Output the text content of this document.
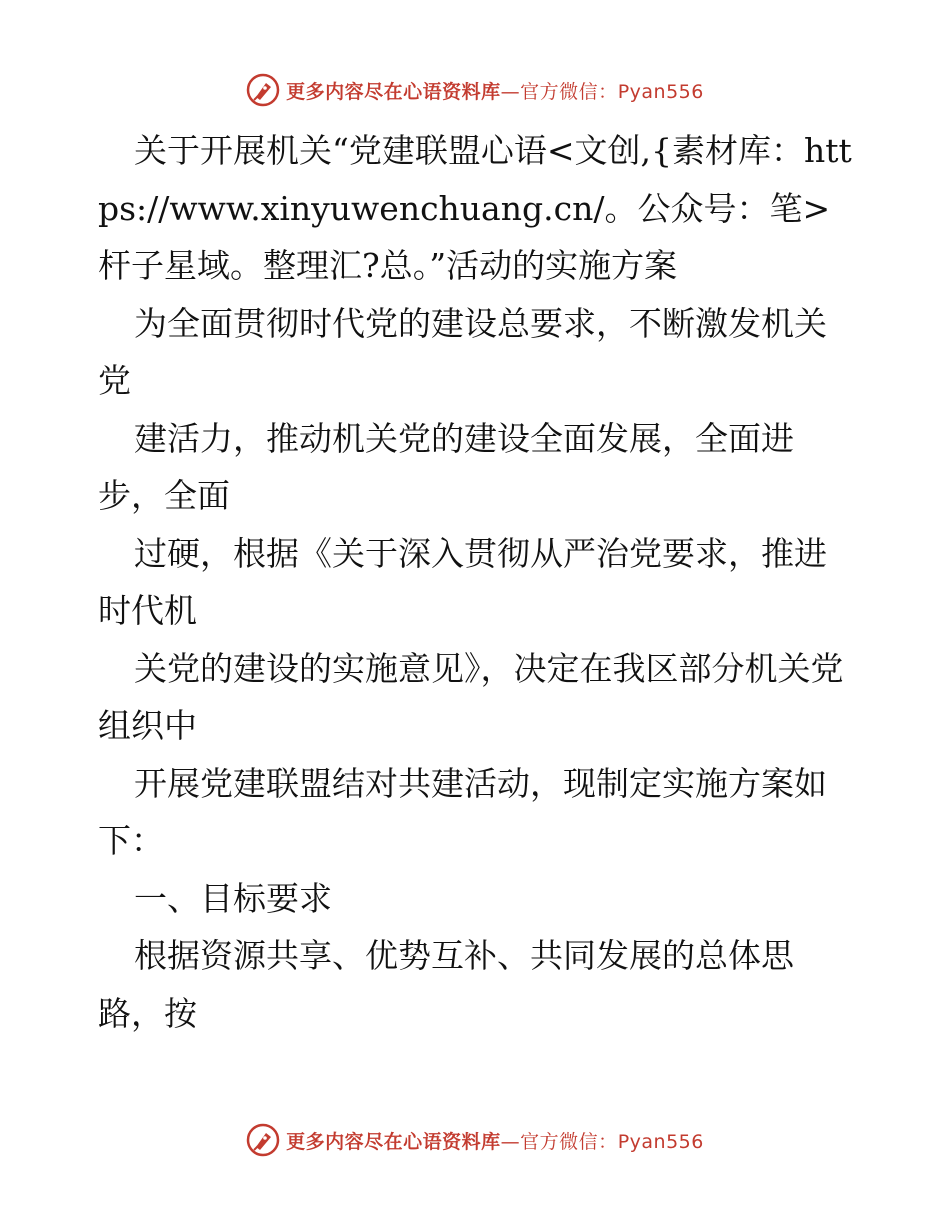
更多内容尽在心语资料库—官方微信：Pyan556

关于开展机关“党建联盟心语<文创,{素材库：https://www.xinyuwenchuang.cn/。公众号：笔>杆子星域。整理汇?总。”活动的实施方案

为全面贯彻时代党的建设总要求，不断激发机关党

建活力，推动机关党的建设全面发展，全面进步，全面

过硬，根据《关于深入贯彻从严治党要求，推进时代机

关党的建设的实施意见》，决定在我区部分机关党组织中

开展党建联盟结对共建活动，现制定实施方案如下：

一、目标要求

根据资源共享、优势互补、共同发展的总体思路，按

更多内容尽在心语资料库—官方微信：Pyan556
